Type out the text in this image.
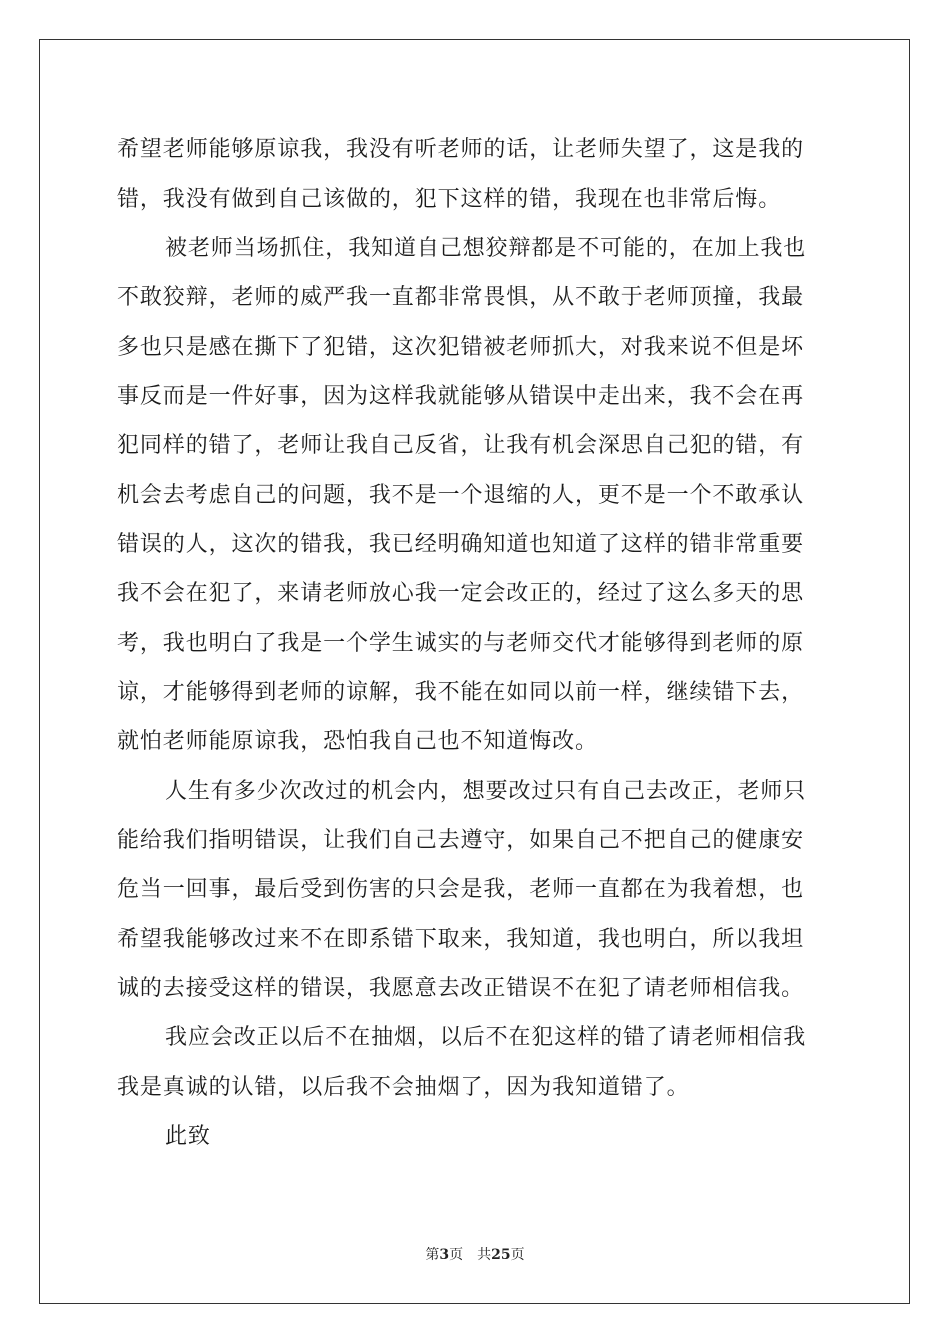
希望老师能够原谅我，我没有听老师的话，让老师失望了，这是我的
错，我没有做到自己该做的，犯下这样的错，我现在也非常后悔。
被老师当场抓住，我知道自己想狡辩都是不可能的，在加上我也
不敢狡辩，老师的威严我一直都非常畏惧，从不敢于老师顶撞，我最
多也只是感在撕下了犯错，这次犯错被老师抓大，对我来说不但是坏
事反而是一件好事，因为这样我就能够从错误中走出来，我不会在再
犯同样的错了，老师让我自己反省，让我有机会深思自己犯的错，有
机会去考虑自己的问题，我不是一个退缩的人，更不是一个不敢承认
错误的人，这次的错我，我已经明确知道也知道了这样的错非常重要
我不会在犯了，来请老师放心我一定会改正的，经过了这么多天的思
考，我也明白了我是一个学生诚实的与老师交代才能够得到老师的原
谅，才能够得到老师的谅解，我不能在如同以前一样，继续错下去，
就怕老师能原谅我，恐怕我自己也不知道悔改。
人生有多少次改过的机会内，想要改过只有自己去改正，老师只
能给我们指明错误，让我们自己去遵守，如果自己不把自己的健康安
危当一回事，最后受到伤害的只会是我，老师一直都在为我着想，也
希望我能够改过来不在即系错下取来，我知道，我也明白，所以我坦
诚的去接受这样的错误，我愿意去改正错误不在犯了请老师相信我。
我应会改正以后不在抽烟，以后不在犯这样的错了请老师相信我
我是真诚的认错，以后我不会抽烟了，因为我知道错了。
此致
第3页 共25页
